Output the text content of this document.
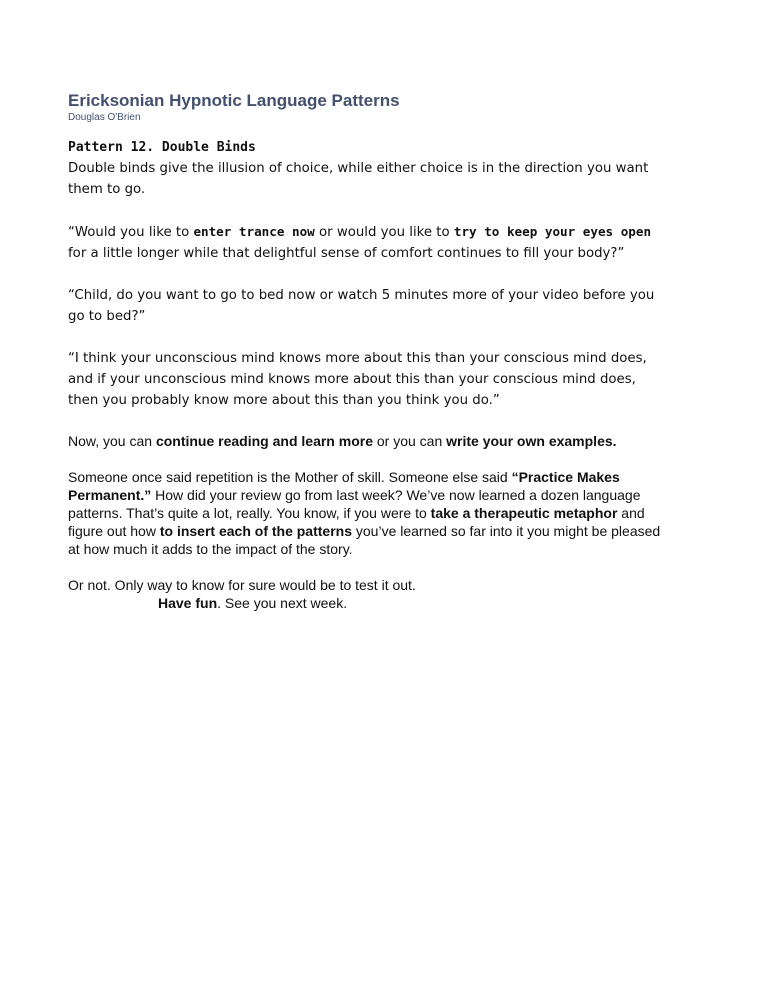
Ericksonian Hypnotic Language Patterns

Douglas O'Brien

Pattern 12. Double Binds

Double binds give the illusion of choice, while either choice is in the direction you want them to go.

“Would you like to enter trance now or would you like to try to keep your eyes open for a little longer while that delightful sense of comfort continues to fill your body?”

“Child, do you want to go to bed now or watch 5 minutes more of your video before you go to bed?”

“I think your unconscious mind knows more about this than your conscious mind does, and if your unconscious mind knows more about this than your conscious mind does, then you probably know more about this than you think you do.”

Now, you can continue reading and learn more or you can write your own examples.

Someone once said repetition is the Mother of skill. Someone else said “Practice Makes Permanent.” How did your review go from last week? We’ve now learned a dozen language patterns. That’s quite a lot, really. You know, if you were to take a therapeutic metaphor and figure out how to insert each of the patterns you’ve learned so far into it you might be pleased at how much it adds to the impact of the story.

Or not. Only way to know for sure would be to test it out.

Have fun. See you next week.
